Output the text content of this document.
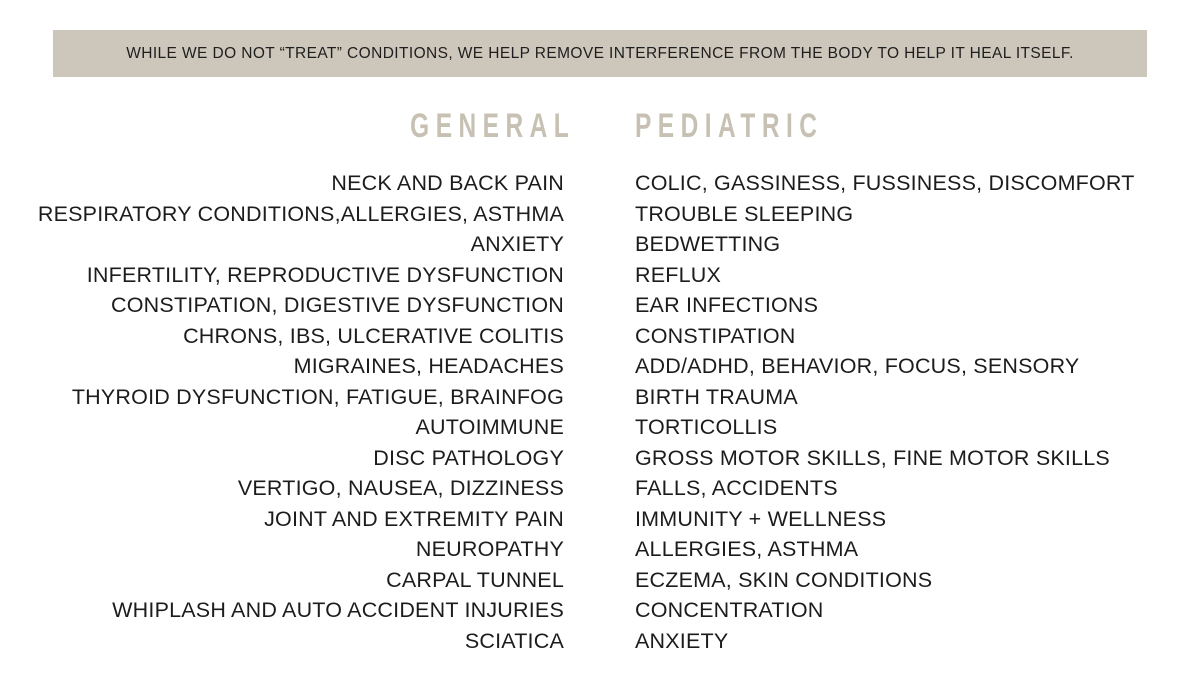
WHILE WE DO NOT “TREAT” CONDITIONS, WE HELP REMOVE INTERFERENCE FROM THE BODY TO HELP IT HEAL ITSELF.
GENERAL PEDIATRIC
NECK AND BACK PAIN
RESPIRATORY CONDITIONS,ALLERGIES, ASTHMA
ANXIETY
INFERTILITY, REPRODUCTIVE DYSFUNCTION
CONSTIPATION, DIGESTIVE DYSFUNCTION
CHRONS, IBS, ULCERATIVE COLITIS
MIGRAINES, HEADACHES
THYROID DYSFUNCTION, FATIGUE, BRAINFOG
AUTOIMMUNE
DISC PATHOLOGY
VERTIGO, NAUSEA, DIZZINESS
JOINT AND EXTREMITY PAIN
NEUROPATHY
CARPAL TUNNEL
WHIPLASH AND AUTO ACCIDENT INJURIES
SCIATICA
COLIC, GASSINESS, FUSSINESS, DISCOMFORT
TROUBLE SLEEPING
BEDWETTING
REFLUX
EAR INFECTIONS
CONSTIPATION
ADD/ADHD, BEHAVIOR, FOCUS, SENSORY
BIRTH TRAUMA
TORTICOLLIS
GROSS MOTOR SKILLS, FINE MOTOR SKILLS
FALLS, ACCIDENTS
IMMUNITY + WELLNESS
ALLERGIES, ASTHMA
ECZEMA, SKIN CONDITIONS
CONCENTRATION
ANXIETY
